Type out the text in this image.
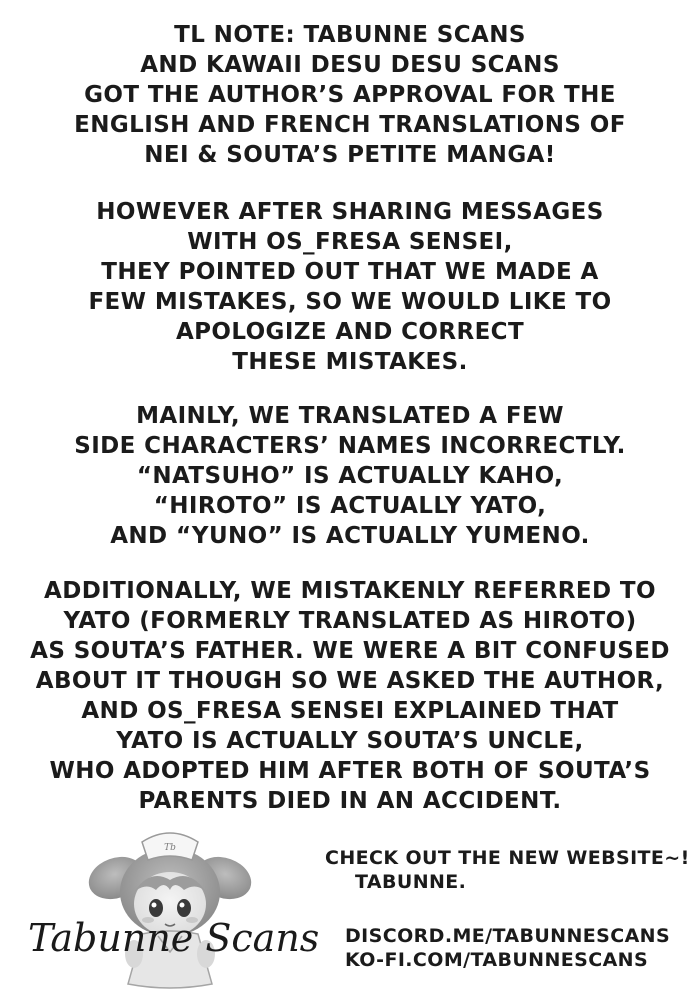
TL NOTE: TABUNNE SCANS
AND KAWAII DESU DESU SCANS
GOT THE AUTHOR’S APPROVAL FOR THE
ENGLISH AND FRENCH TRANSLATIONS OF
NEI & SOUTA’S PETITE MANGA!
HOWEVER AFTER SHARING MESSAGES
WITH OS_FRESA SENSEI,
THEY POINTED OUT THAT WE MADE A
FEW MISTAKES, SO WE WOULD LIKE TO
APOLOGIZE AND CORRECT
THESE MISTAKES.
MAINLY, WE TRANSLATED A FEW
SIDE CHARACTERS’ NAMES INCORRECTLY.
“NATSUHO” IS ACTUALLY KAHO,
“HIROTO” IS ACTUALLY YATO,
AND “YUNO” IS ACTUALLY YUMENO.
ADDITIONALLY, WE MISTAKENLY REFERRED TO
YATO (FORMERLY TRANSLATED AS HIROTO)
AS SOUTA’S FATHER. WE WERE A BIT CONFUSED
ABOUT IT THOUGH SO WE ASKED THE AUTHOR,
AND OS_FRESA SENSEI EXPLAINED THAT
YATO IS ACTUALLY SOUTA’S UNCLE,
WHO ADOPTED HIM AFTER BOTH OF SOUTA’S
PARENTS DIED IN AN ACCIDENT.
Tb
Tabunne Scans
CHECK OUT THE NEW WEBSITE~!
TABUNNE.
DISCORD.ME/TABUNNESCANS
KO-FI.COM/TABUNNESCANS
